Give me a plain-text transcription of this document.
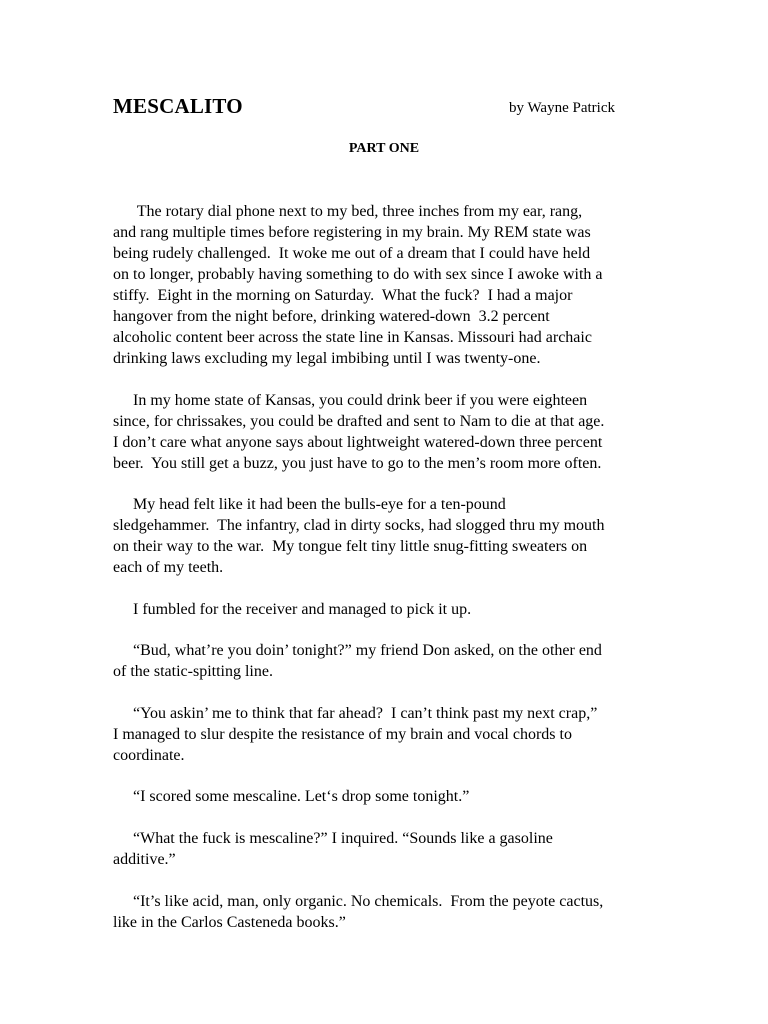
MESCALITO	by Wayne Patrick
PART ONE
The rotary dial phone next to my bed, three inches from my ear, rang,
and rang multiple times before registering in my brain. My REM state was
being rudely challenged.  It woke me out of a dream that I could have held
on to longer, probably having something to do with sex since I awoke with a
stiffy.  Eight in the morning on Saturday.  What the fuck?  I had a major
hangover from the night before, drinking watered-down  3.2 percent
alcoholic content beer across the state line in Kansas. Missouri had archaic
drinking laws excluding my legal imbibing until I was twenty-one.
In my home state of Kansas, you could drink beer if you were eighteen
since, for chrissakes, you could be drafted and sent to Nam to die at that age.
I don’t care what anyone says about lightweight watered-down three percent
beer.  You still get a buzz, you just have to go to the men’s room more often.
My head felt like it had been the bulls-eye for a ten-pound
sledgehammer.  The infantry, clad in dirty socks, had slogged thru my mouth
on their way to the war.  My tongue felt tiny little snug-fitting sweaters on
each of my teeth.
I fumbled for the receiver and managed to pick it up.
“Bud, what’re you doin’ tonight?” my friend Don asked, on the other end
of the static-spitting line.
“You askin’ me to think that far ahead?  I can’t think past my next crap,”
I managed to slur despite the resistance of my brain and vocal chords to
coordinate.
“I scored some mescaline. Let‘s drop some tonight.”
“What the fuck is mescaline?” I inquired. “Sounds like a gasoline
additive.”
“It’s like acid, man, only organic. No chemicals.  From the peyote cactus,
like in the Carlos Casteneda books.”
